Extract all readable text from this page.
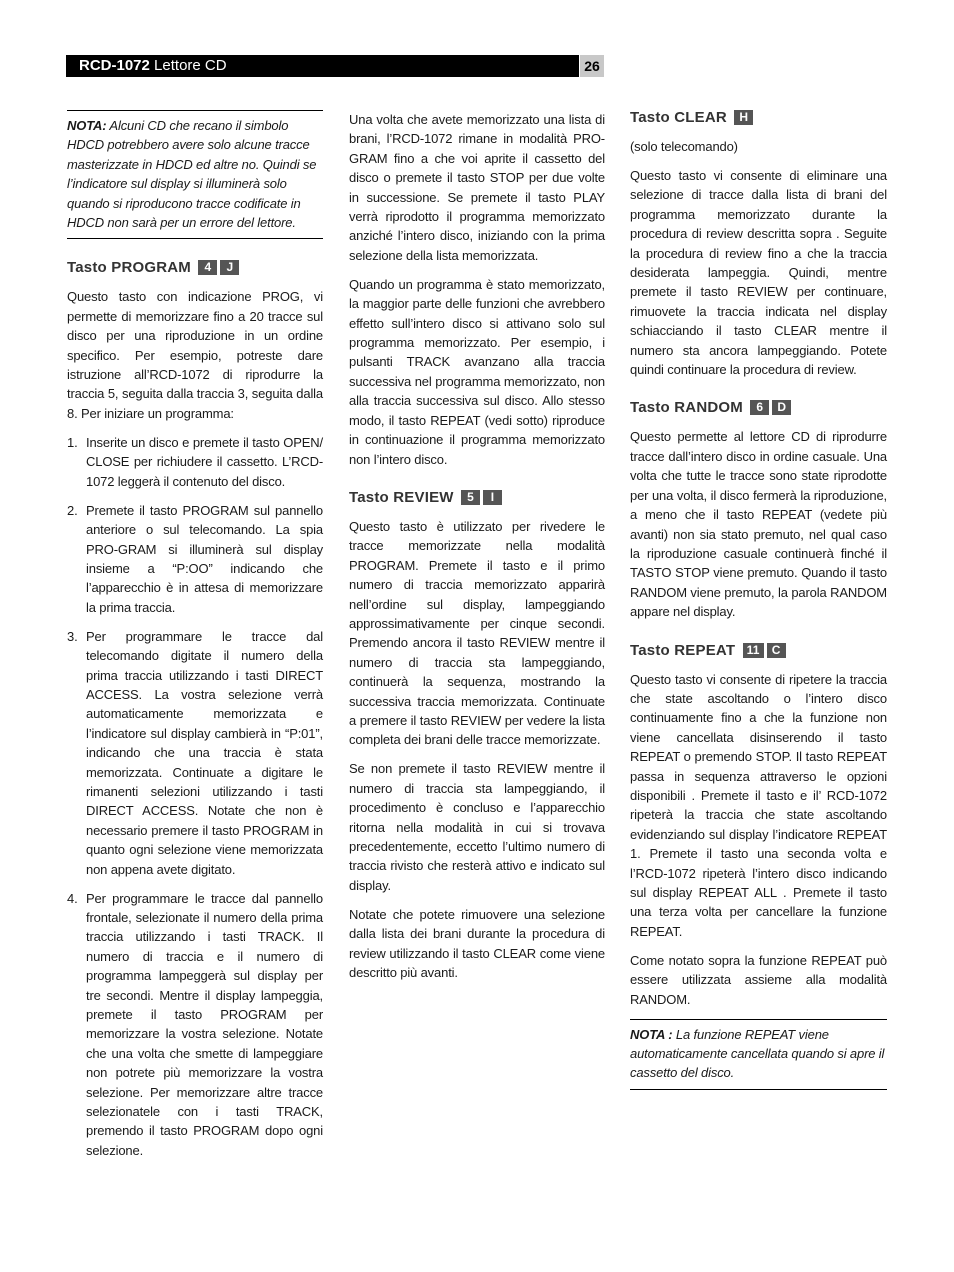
RCD-1072 Lettore CD	26

NOTA: Alcuni CD che recano il simbolo HDCD potrebbero avere solo alcune tracce masterizzate in HDCD ed altre no. Quindi se l’indicatore sul display si illuminerà solo quando si riproducono tracce codificate in HDCD non sarà per un errore del lettore.

Tasto PROGRAM 4 J

Questo tasto con indicazione PROG, vi permette di memorizzare fino a 20 tracce sul disco per una riproduzione in un ordine specifico. Per esempio, potreste dare istruzione all’RCD-1072 di riprodurre la traccia 5, seguita dalla traccia 3, seguita dalla 8. Per iniziare un programma:

1. Inserite un disco e premete il tasto OPEN/ CLOSE per richiudere il cassetto. L’RCD-1072 leggerà il contenuto del disco.
2. Premete il tasto PROGRAM sul pannello anteriore o sul telecomando. La spia PRO-GRAM si illuminerà sul display insieme a “P:OO” indicando che l’apparecchio è in attesa di memorizzare la prima traccia.
3. Per programmare le tracce dal telecomando digitate il numero della prima traccia utilizzando i tasti DIRECT ACCESS. La vostra selezione verrà automaticamente memorizzata e l’indicatore sul display cambierà in “P:01”, indicando che una traccia è stata memorizzata. Continuate a digitare le rimanenti selezioni utilizzando i tasti DIRECT ACCESS. Notate che non è necessario premere il tasto PROGRAM in quanto ogni selezione viene memorizzata non appena avete digitato.
4. Per programmare le tracce dal pannello frontale, selezionate il numero della prima traccia utilizzando i tasti TRACK. Il numero di traccia e il numero di programma lampeggerà sul display per tre secondi. Mentre il display lampeggia, premete il tasto PROGRAM per memorizzare la vostra selezione. Notate che una volta che smette di lampeggiare non potrete più memorizzare la vostra selezione. Per memorizzare altre tracce selezionatele con i tasti TRACK, premendo il tasto PROGRAM dopo ogni selezione.

Una volta che avete memorizzato una lista di brani, l’RCD-1072 rimane in modalità PRO-GRAM fino a che voi aprite il cassetto del disco o premete il tasto STOP per due volte in successione. Se premete il tasto PLAY verrà riprodotto il programma memorizzato anziché l’intero disco, iniziando con la prima selezione della lista memorizzata.

Quando un programma è stato memorizzato, la maggior parte delle funzioni che avrebbero effetto sull’intero disco si attivano solo sul programma memorizzato. Per esempio, i pulsanti TRACK avanzano alla traccia successiva nel programma memorizzato, non alla traccia successiva sul disco. Allo stesso modo, il tasto REPEAT (vedi sotto) riproduce in continuazione il programma memorizzato non l’intero disco.

Tasto REVIEW 5 I

Questo tasto è utilizzato per rivedere le tracce memorizzate nella modalità PROGRAM. Premete il tasto e il primo numero di traccia memorizzato apparirà nell’ordine sul display, lampeggiando approssimativamente per cinque secondi. Premendo ancora il tasto REVIEW mentre il numero di traccia sta lampeggiando, continuerà la sequenza, mostrando la successiva traccia memorizzata. Continuate a premere il tasto REVIEW per vedere la lista completa dei brani delle tracce memorizzate.

Se non premete il tasto REVIEW mentre il numero di traccia sta lampeggiando, il procedimento è concluso e l’apparecchio ritorna nella modalità in cui si trovava precedentemente, eccetto l’ultimo numero di traccia rivisto che resterà attivo e indicato sul display.

Notate che potete rimuovere una selezione dalla lista dei brani durante la procedura di review utilizzando il tasto CLEAR come viene descritto più avanti.

Tasto CLEAR H

(solo telecomando)

Questo tasto vi consente di eliminare una selezione di tracce dalla lista di brani del programma memorizzato durante la procedura di review descritta sopra . Seguite la procedura di review fino a che la traccia desiderata lampeggia. Quindi, mentre premete il tasto REVIEW per continuare, rimuovete la traccia indicata nel display schiacciando il tasto CLEAR mentre il numero sta ancora lampeggiando. Potete quindi continuare la procedura di review.

Tasto RANDOM 6 D

Questo permette al lettore CD di riprodurre tracce dall’intero disco in ordine casuale. Una volta che tutte le tracce sono state riprodotte per una volta, il disco fermerà la riproduzione, a meno che il tasto REPEAT (vedete più avanti) non sia stato premuto, nel qual caso la riproduzione casuale continuerà finché il TASTO STOP viene premuto. Quando il tasto RANDOM viene premuto, la parola RANDOM appare nel display.

Tasto REPEAT 11 C

Questo tasto vi consente di ripetere la traccia che state ascoltando o l’intero disco continuamente fino a che la funzione non viene cancellata disinserendo il tasto REPEAT o premendo STOP. Il tasto REPEAT passa in sequenza attraverso le opzioni disponibili . Premete il tasto e il’ RCD-1072 ripeterà la traccia che state ascoltando evidenziando sul display l’indicatore REPEAT 1. Premete il tasto una seconda volta e l’RCD-1072 ripeterà l’intero disco indicando sul display REPEAT ALL . Premete il tasto una terza volta per cancellare la funzione REPEAT.

Come notato sopra la funzione REPEAT può essere utilizzata assieme alla modalità RANDOM.

NOTA : La funzione REPEAT viene automaticamente cancellata quando si apre il cassetto del disco.
